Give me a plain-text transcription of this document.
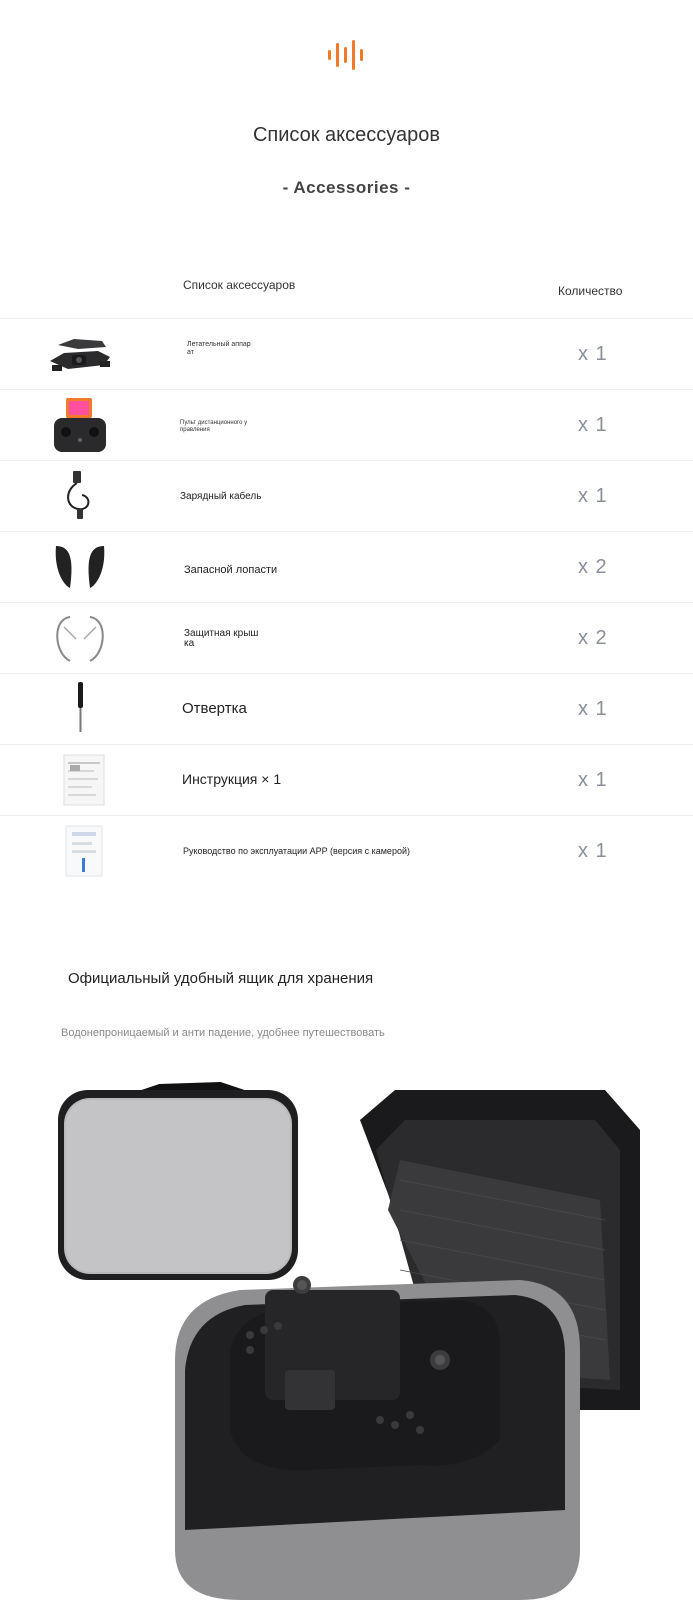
Список аксессуаров
- Accessories -
Список аксессуаров	Количество
Летательный аппар
ат	x 1
Пульт дистанционного у
правления	x 1
Зарядный кабель	x 1
Запасной лопасти	x 2
Защитная крыш
ка	x 2
Отвертка	x 1
Инструкция × 1	x 1
Руководство по эксплуатации APP (версия с камерой)	x 1
Официальный удобный ящик для хранения
Водонепроницаемый и анти падение, удобнее путешествовать
